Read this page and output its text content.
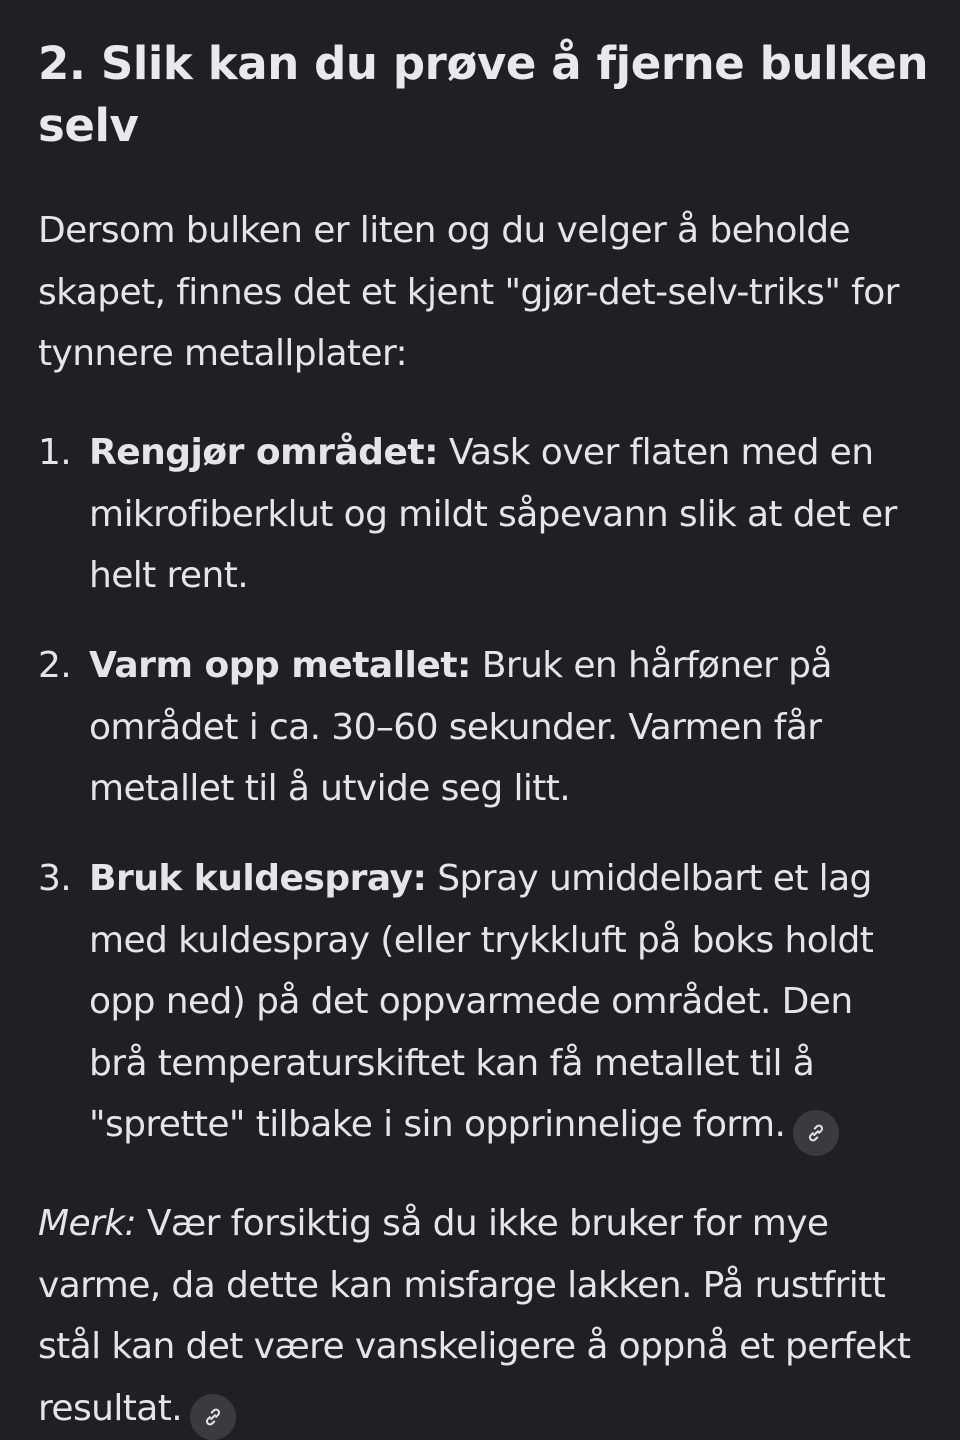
2. Slik kan du prøve å fjerne bulken selv

Dersom bulken er liten og du velger å beholde skapet, finnes det et kjent "gjør-det-selv-triks" for tynnere metallplater:

1. Rengjør området: Vask over flaten med en mikrofiberklut og mildt såpevann slik at det er helt rent.
2. Varm opp metallet: Bruk en hårføner på området i ca. 30–60 sekunder. Varmen får metallet til å utvide seg litt.
3. Bruk kuldespray: Spray umiddelbart et lag med kuldespray (eller trykkluft på boks holdt opp ned) på det oppvarmede området. Den brå temperaturskiftet kan få metallet til å "sprette" tilbake i sin opprinnelige form.

Merk: Vær forsiktig så du ikke bruker for mye varme, da dette kan misfarge lakken. På rustfritt stål kan det være vanskeligere å oppnå et perfekt resultat.
